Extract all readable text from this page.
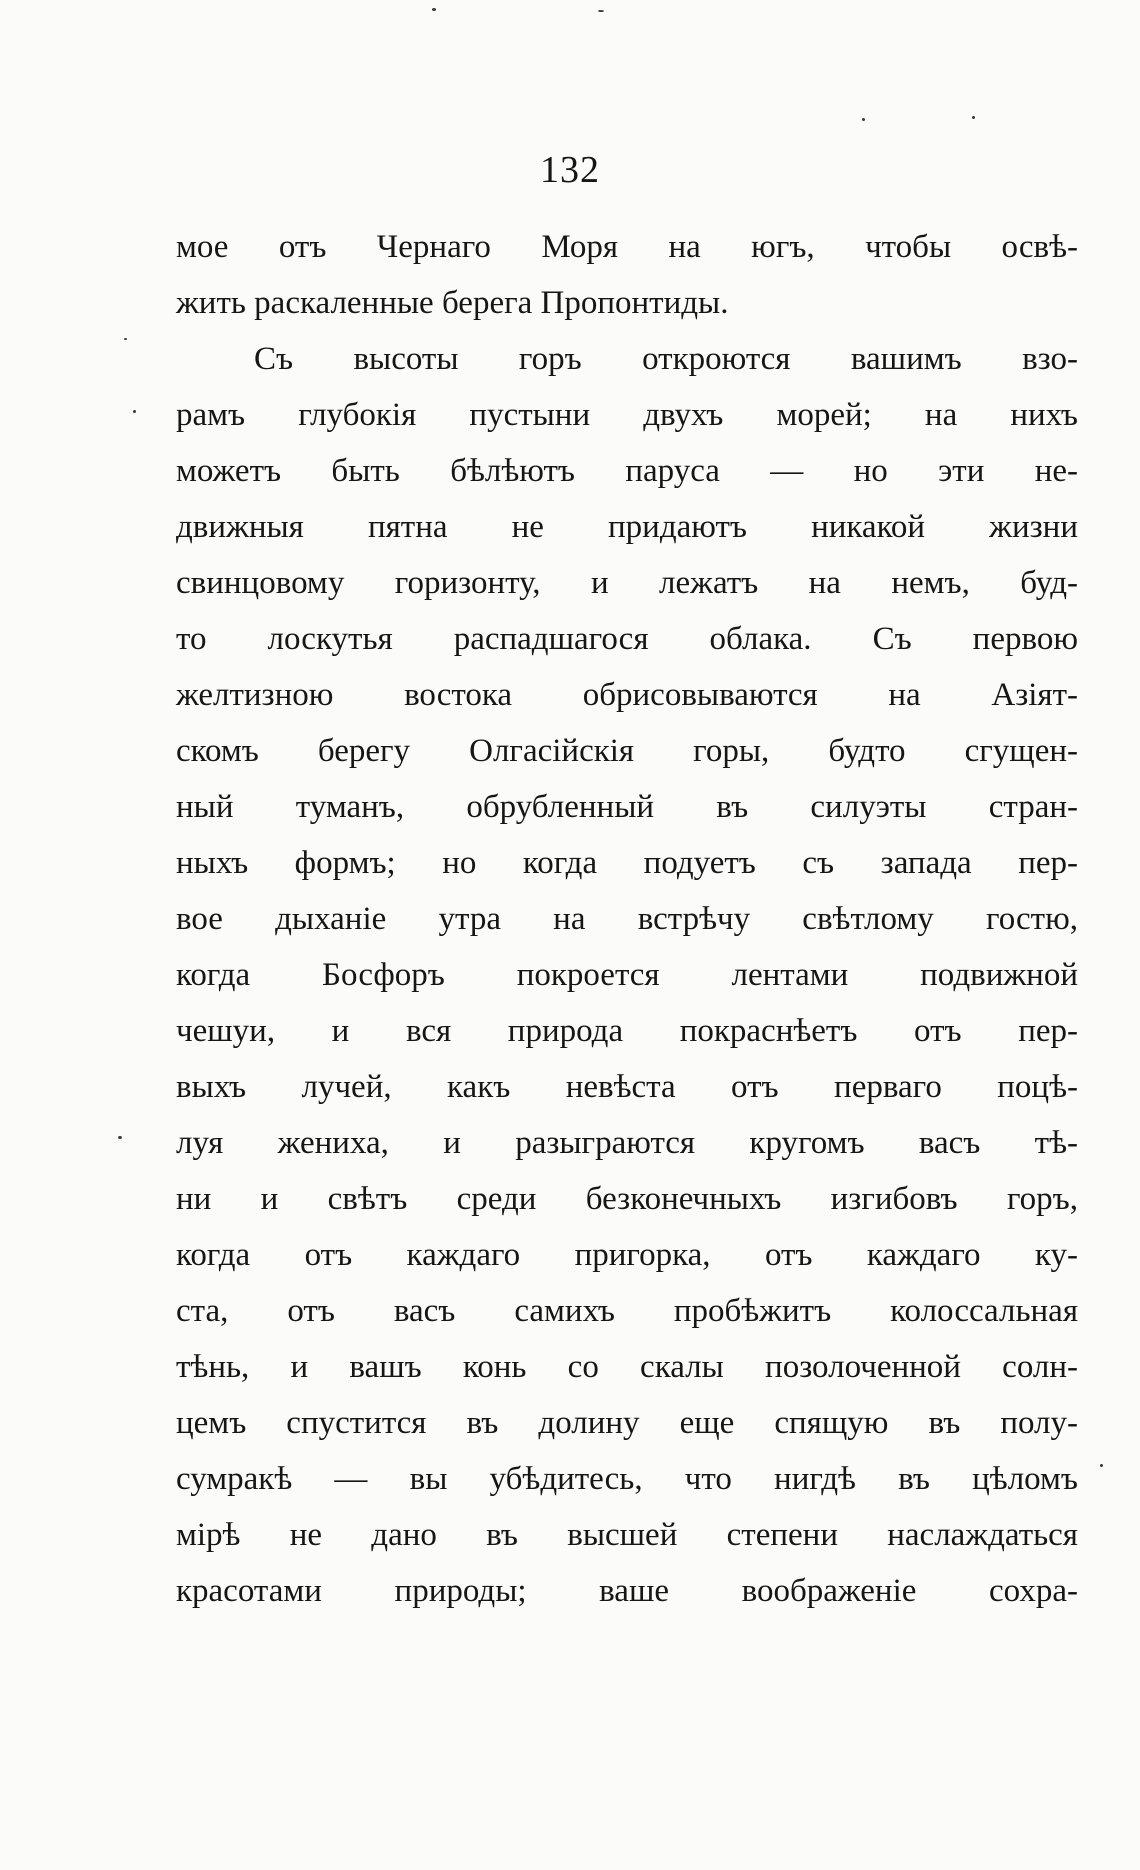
132
мое отъ Чернаго Моря на югъ, чтобы освѣ-
жить раскаленные берега Пропонтиды.
Съ высоты горъ откроются вашимъ взо-
рамъ глубокія пустыни двухъ морей; на нихъ
можетъ быть бѣлѣютъ паруса — но эти не-
движныя пятна не придаютъ никакой жизни
свинцовому горизонту, и лежатъ на немъ, буд-
то лоскутья распадшагося облака. Съ первою
желтизною востока обрисовываются на Азіят-
скомъ берегу Олгасійскія горы, будто сгущен-
ный туманъ, обрубленный въ силуэты стран-
ныхъ формъ; но когда подуетъ съ запада пер-
вое дыханіе утра на встрѣчу свѣтлому гостю,
когда Босфоръ покроется лентами подвижной
чешуи, и вся природа покраснѣетъ отъ пер-
выхъ лучей, какъ невѣста отъ перваго поцѣ-
луя жениха, и разыграются кругомъ васъ тѣ-
ни и свѣтъ среди безконечныхъ изгибовъ горъ,
когда отъ каждаго пригорка, отъ каждаго ку-
ста, отъ васъ самихъ пробѣжитъ колоссальная
тѣнь, и вашъ конь со скалы позолоченной солн-
цемъ спустится въ долину еще спящую въ полу-
сумракѣ — вы убѣдитесь, что нигдѣ въ цѣломъ
мірѣ не дано въ высшей степени наслаждаться
красотами природы; ваше воображеніе сохра-
